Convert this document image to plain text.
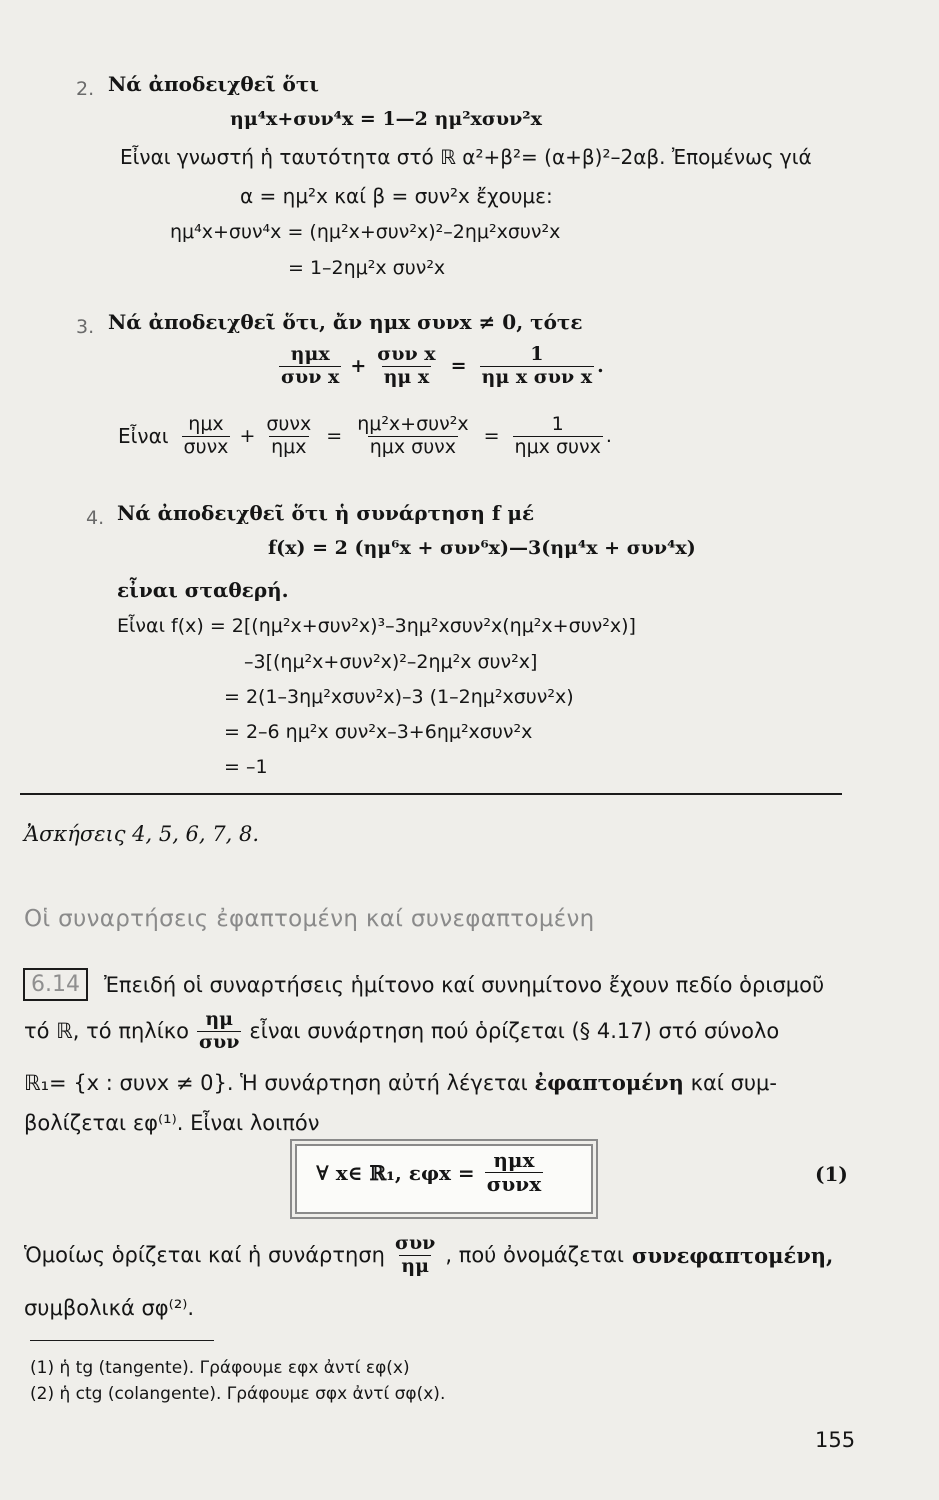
2. Νά ἀποδειχθεῖ ὅτι
ημ⁴x+συν⁴x = 1—2 ημ²xσυν²x
Εἶναι γνωστή ἡ ταυτότητα στό ℝ α²+β²= (α+β)²–2αβ. Ἐπομένως γιά
α = ημ²x καί β = συν²x ἔχουμε:
ημ⁴x+συν⁴x = (ημ²x+συν²x)²–2ημ²xσυν²x
= 1–2ημ²x συν²x
3. Νά ἀποδειχθεῖ ὅτι, ἄν ημx συνx ≠ 0, τότε
$\frac{\text{ημx}}{\text{συν x}} + \frac{\text{συν x}}{\text{ημ x}} = \frac{1}{\text{ημ x συν x}}$ .
Εἶναι $\frac{\text{ημx}}{\text{συνx}} + \frac{\text{συνx}}{\text{ημx}} = \frac{\text{ημ²x+συν²x}}{\text{ημx συνx}} = \frac{1}{\text{ημx συνx}}$ .
4. Νά ἀποδειχθεῖ ὅτι ἡ συνάρτηση f μέ
f(x) = 2 (ημ⁶x + συν⁶x)—3(ημ⁴x + συν⁴x)
εἶναι σταθερή.
Εἶναι f(x) = 2[(ημ²x+συν²x)³–3ημ²xσυν²x(ημ²x+συν²x)]
–3[(ημ²x+συν²x)²–2ημ²x συν²x]
= 2(1–3ημ²xσυν²x)–3 (1–2ημ²xσυν²x)
= 2–6 ημ²x συν²x–3+6ημ²xσυν²x
= –1
Ἀσκήσεις 4, 5, 6, 7, 8.
Οἱ συναρτήσεις ἐφαπτομένη καί συνεφαπτομένη
6.14	Ἐπειδή οἱ συναρτήσεις ἡμίτονο καί συνημίτονο ἔχουν πεδίο ὁρισμοῦ
τό ℝ, τό πηλίκο $\frac{\eta\mu}{\text{συν}}$ εἶναι συνάρτηση πού ὁρίζεται (§ 4.17) στό σύνολο
ℝ₁= {x : συνx ≠ 0}. Ἡ συνάρτηση αὐτή λέγεται ἐφαπτομένη καί συμ-
βολίζεται εφ⁽¹⁾. Εἶναι λοιπόν
∀ x∈ ℝ₁, $\varepsilon\varphi x = \frac{\text{ημx}}{\text{συνx}}$	(1)
Ὁμοίως ὁρίζεται καί ἡ συνάρτηση $\frac{\text{συν}}{\eta\mu}$ , πού ὀνομάζεται συνεφαπτομένη,
συμβολικά σφ⁽²⁾.
(1) ἡ tg (tangente). Γράφουμε εφx ἀντί εφ(x)
(2) ἡ ctg (colangente). Γράφουμε σφx ἀντί σφ(x).
155
